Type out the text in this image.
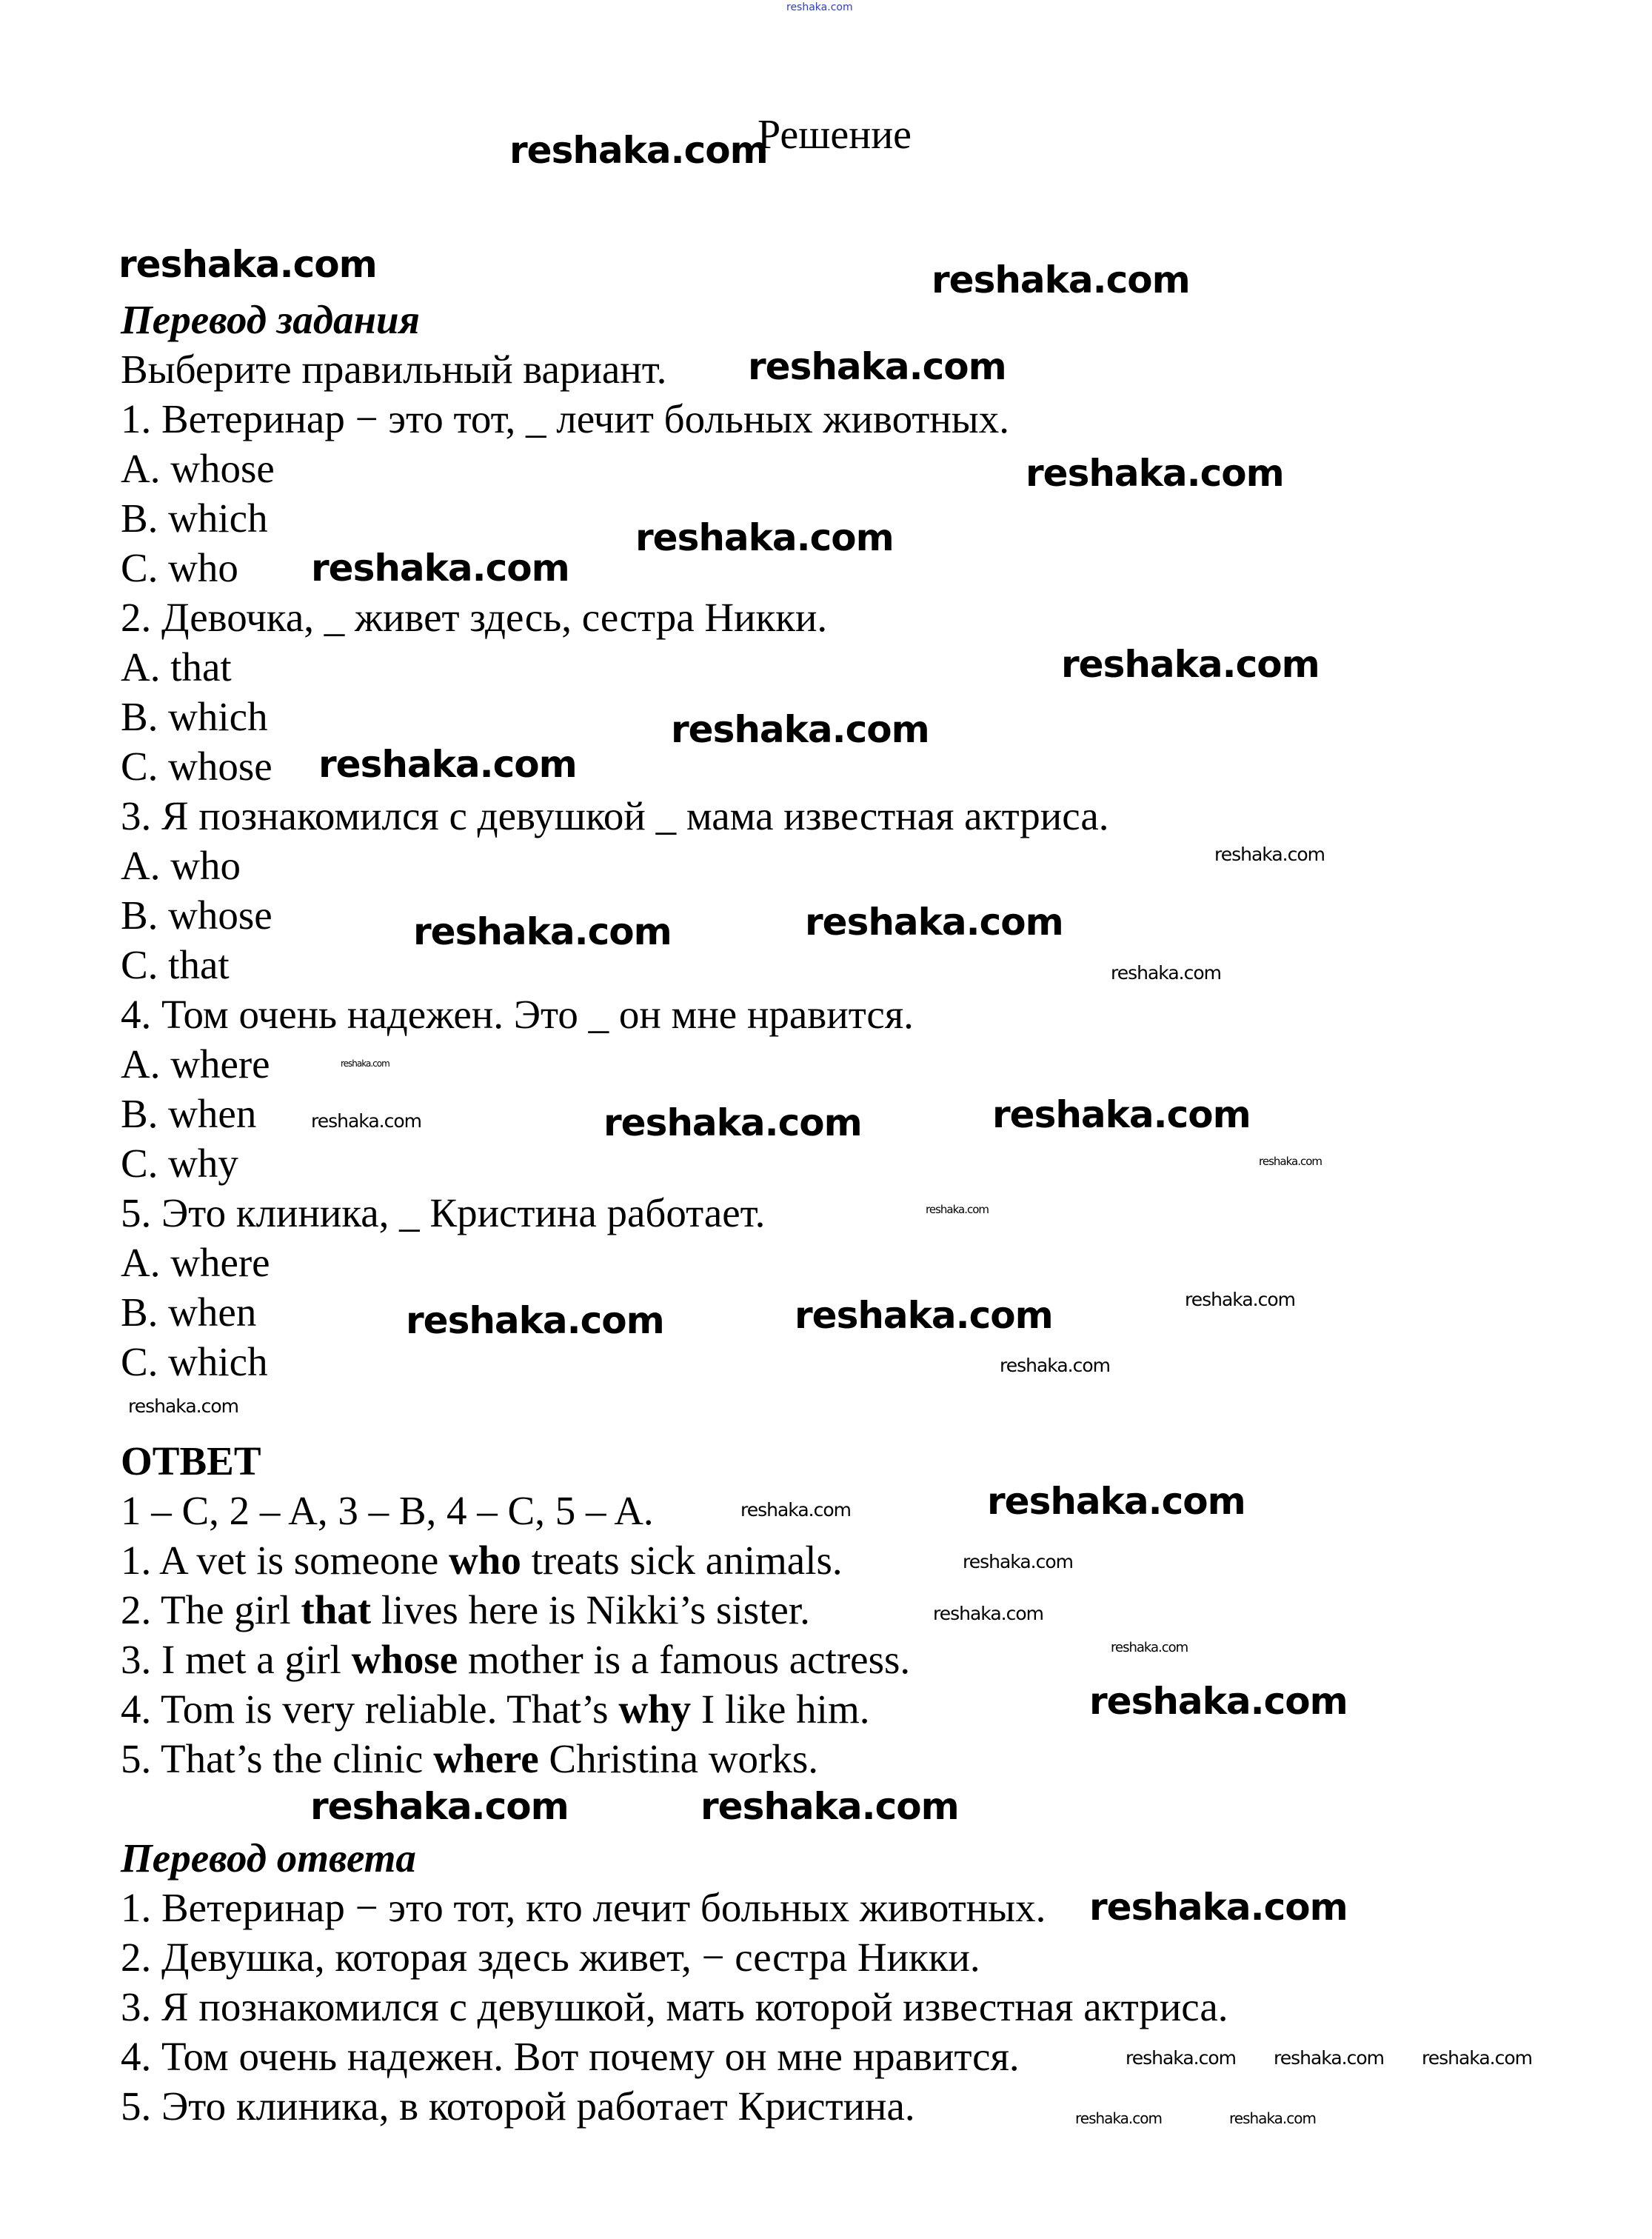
reshaka.com
Решение
Перевод задания
Выберите правильный вариант.
1. Ветеринар − это тот, _ лечит больных животных.
A. whose
B. which
C. who
2. Девочка, _ живет здесь, сестра Никки.
A. that
B. which
C. whose
3. Я познакомился с девушкой _ мама известная актриса.
A. who
B. whose
C. that
4. Том очень надежен. Это _ он мне нравится.
A. where
B. when
C. why
5. Это клиника, _ Кристина работает.
A. where
B. when
C. which
ОТВЕТ
1 – C, 2 – A, 3 – B, 4 – C, 5 – A.
1. A vet is someone who treats sick animals.
2. The girl that lives here is Nikki’s sister.
3. I met a girl whose mother is a famous actress.
4. Tom is very reliable. That’s why I like him.
5. That’s the clinic where Christina works.
Перевод ответа
1. Ветеринар − это тот, кто лечит больных животных.
2. Девушка, которая здесь живет, − сестра Никки.
3. Я познакомился с девушкой, мать которой известная актриса.
4. Том очень надежен. Вот почему он мне нравится.
5. Это клиника, в которой работает Кристина.
reshaka.com
reshaka.com	reshaka.com
reshaka.com
reshaka.com
reshaka.com
reshaka.com
reshaka.com
reshaka.com
reshaka.com
reshaka.com
reshaka.com	reshaka.com
reshaka.com
reshaka.com
reshaka.com
reshaka.com	reshaka.com	reshaka.com
reshaka.com
reshaka.com
reshaka.com
reshaka.com	reshaka.com
reshaka.com
reshaka.com	reshaka.com
reshaka.com
reshaka.com
reshaka.com
reshaka.com
reshaka.com	reshaka.com
reshaka.com
reshaka.com reshaka.com reshaka.com
reshaka.com	reshaka.com
